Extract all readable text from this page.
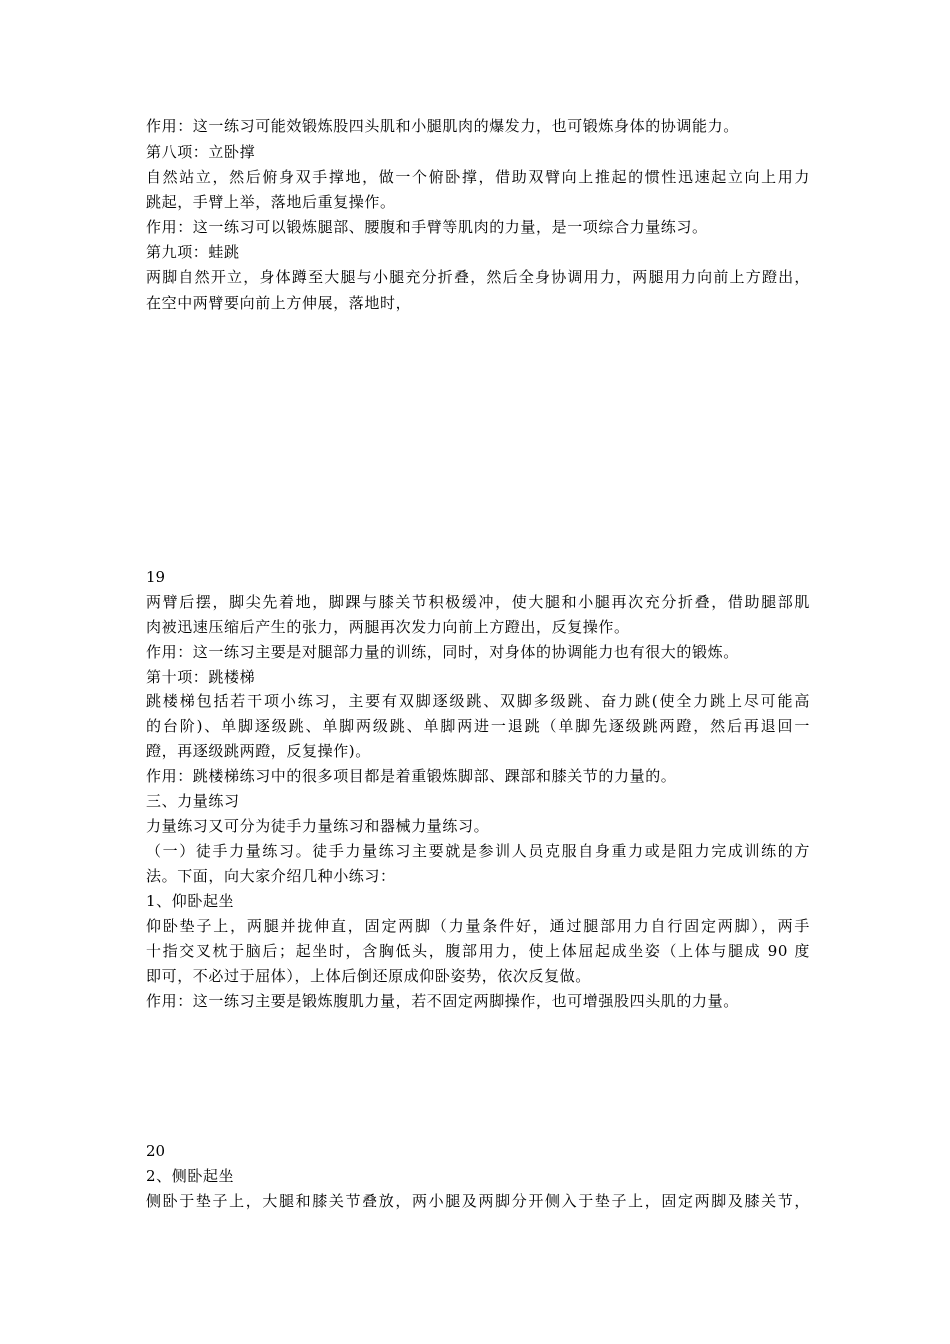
作用：这一练习可能效锻炼股四头肌和小腿肌肉的爆发力，也可锻炼身体的协调能力。
第八项：立卧撑
自然站立，然后俯身双手撑地，做一个俯卧撑，借助双臂向上推起的惯性迅速起立向上用力
跳起，手臂上举，落地后重复操作。
作用：这一练习可以锻炼腿部、腰腹和手臂等肌肉的力量，是一项综合力量练习。
第九项：蛙跳
两脚自然开立，身体蹲至大腿与小腿充分折叠，然后全身协调用力，两腿用力向前上方蹬出，
在空中两臂要向前上方伸展，落地时，
19
两臂后摆，脚尖先着地，脚踝与膝关节积极缓冲，使大腿和小腿再次充分折叠，借助腿部肌
肉被迅速压缩后产生的张力，两腿再次发力向前上方蹬出，反复操作。
作用：这一练习主要是对腿部力量的训练，同时，对身体的协调能力也有很大的锻炼。
第十项：跳楼梯
跳楼梯包括若干项小练习，主要有双脚逐级跳、双脚多级跳、奋力跳(使全力跳上尽可能高
的台阶)、单脚逐级跳、单脚两级跳、单脚两进一退跳（单脚先逐级跳两蹬，然后再退回一
蹬，再逐级跳两蹬，反复操作)。
作用：跳楼梯练习中的很多项目都是着重锻炼脚部、踝部和膝关节的力量的。
三、力量练习
力量练习又可分为徒手力量练习和器械力量练习。
（一）徒手力量练习。徒手力量练习主要就是参训人员克服自身重力或是阻力完成训练的方
法。下面，向大家介绍几种小练习：
1、仰卧起坐
仰卧垫子上，两腿并拢伸直，固定两脚（力量条件好，通过腿部用力自行固定两脚），两手
十指交叉枕于脑后；起坐时，含胸低头，腹部用力，使上体屈起成坐姿（上体与腿成 90 度
即可，不必过于屈体），上体后倒还原成仰卧姿势，依次反复做。
作用：这一练习主要是锻炼腹肌力量，若不固定两脚操作，也可增强股四头肌的力量。
20
2、侧卧起坐
侧卧于垫子上，大腿和膝关节叠放，两小腿及两脚分开侧入于垫子上，固定两脚及膝关节，
